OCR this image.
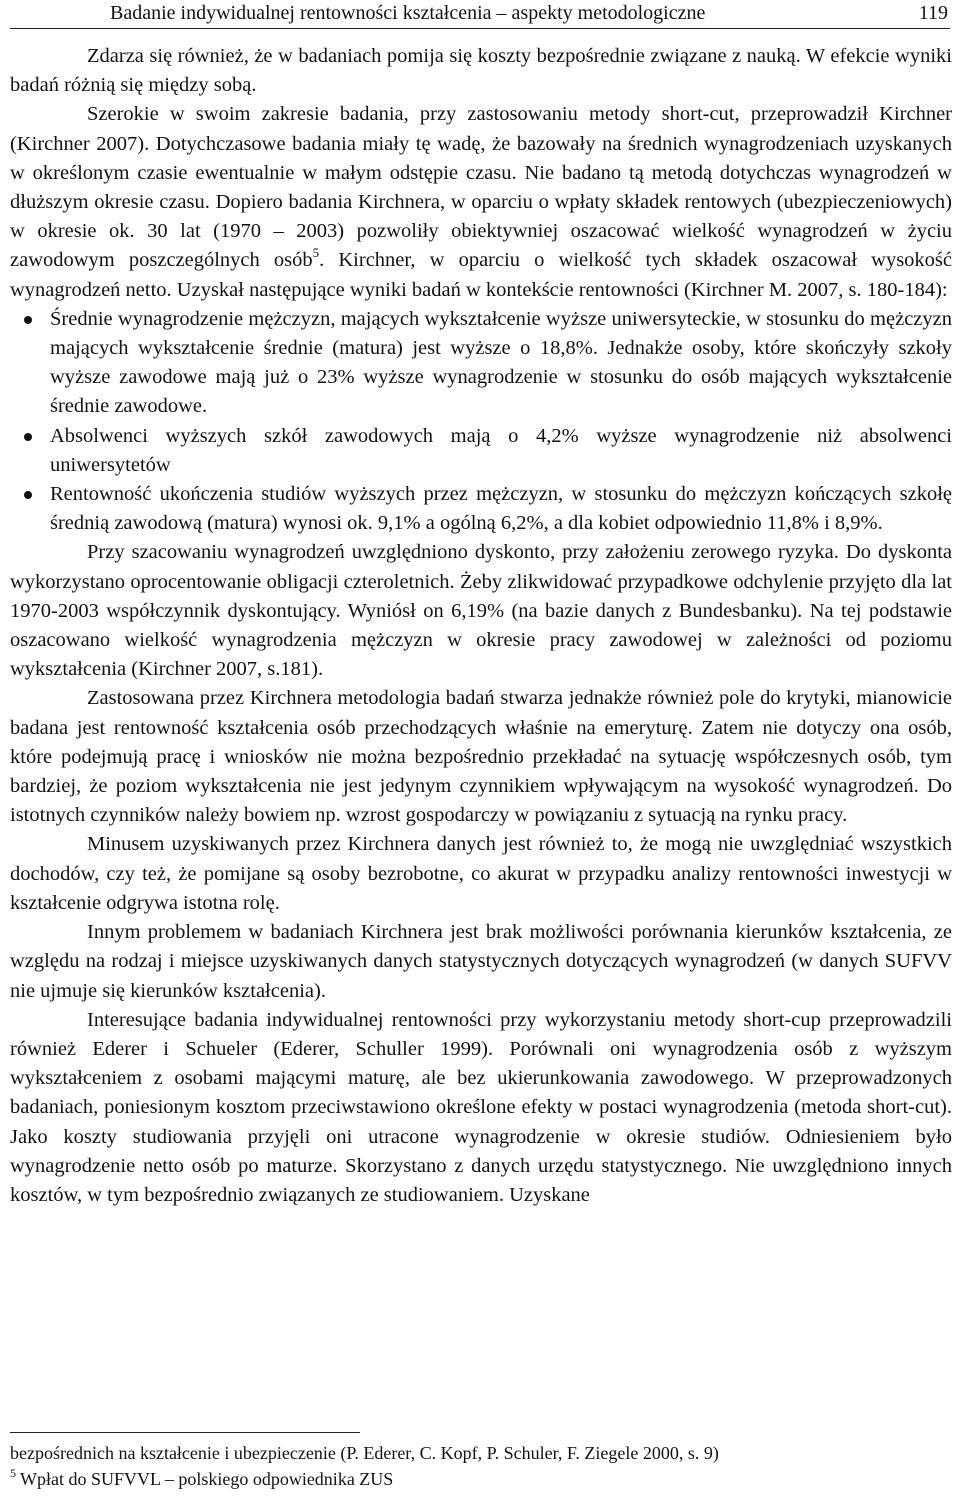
Badanie indywidualnej rentowności kształcenia – aspekty metodologiczne	119

Zdarza się również, że w badaniach pomija się koszty bezpośrednie związane z nauką. W efekcie wyniki badań różnią się między sobą.

Szerokie w swoim zakresie badania, przy zastosowaniu metody short-cut, przeprowadził Kirchner (Kirchner 2007). Dotychczasowe badania miały tę wadę, że bazowały na średnich wynagrodzeniach uzyskanych w określonym czasie ewentualnie w małym odstępie czasu. Nie badano tą metodą dotychczas wynagrodzeń w dłuższym okresie czasu. Dopiero badania Kirchnera, w oparciu o wpłaty składek rentowych (ubezpieczeniowych) w okresie ok. 30 lat (1970 – 2003) pozwoliły obiektywniej oszacować wielkość wynagrodzeń w życiu zawodowym poszczególnych osób$^5$. Kirchner, w oparciu o wielkość tych składek oszacował wysokość wynagrodzeń netto. Uzyskał następujące wyniki badań w kontekście rentowności (Kirchner M. 2007, s. 180-184):

Średnie wynagrodzenie mężczyzn, mających wykształcenie wyższe uniwersyteckie, w stosunku do mężczyzn mających wykształcenie średnie (matura) jest wyższe o 18,8%. Jednakże osoby, które skończyły szkoły wyższe zawodowe mają już o 23% wyższe wynagrodzenie w stosunku do osób mających wykształcenie średnie zawodowe.
Absolwenci wyższych szkół zawodowych mają o 4,2% wyższe wynagrodzenie niż absolwenci uniwersytetów
Rentowność ukończenia studiów wyższych przez mężczyzn, w stosunku do mężczyzn kończących szkołę średnią zawodową (matura) wynosi ok. 9,1% a ogólną 6,2%, a dla kobiet odpowiednio 11,8% i 8,9%.

Przy szacowaniu wynagrodzeń uwzględniono dyskonto, przy założeniu zerowego ryzyka. Do dyskonta wykorzystano oprocentowanie obligacji czteroletnich. Żeby zlikwidować przypadkowe odchylenie przyjęto dla lat 1970-2003 współczynnik dyskontujący. Wyniósł on 6,19% (na bazie danych z Bundesbanku). Na tej podstawie oszacowano wielkość wynagrodzenia mężczyzn w okresie pracy zawodowej w zależności od poziomu wykształcenia (Kirchner 2007, s.181).

Zastosowana przez Kirchnera metodologia badań stwarza jednakże również pole do krytyki, mianowicie badana jest rentowność kształcenia osób przechodzących właśnie na emeryturę. Zatem nie dotyczy ona osób, które podejmują pracę i wniosków nie można bezpośrednio przekładać na sytuację współczesnych osób, tym bardziej, że poziom wykształcenia nie jest jedynym czynnikiem wpływającym na wysokość wynagrodzeń. Do istotnych czynników należy bowiem np. wzrost gospodarczy w powiązaniu z sytuacją na rynku pracy.

Minusem uzyskiwanych przez Kirchnera danych jest również to, że mogą nie uwzględniać wszystkich dochodów, czy też, że pomijane są osoby bezrobotne, co akurat w przypadku analizy rentowności inwestycji w kształcenie odgrywa istotna rolę.

Innym problemem w badaniach Kirchnera jest brak możliwości porównania kierunków kształcenia, ze względu na rodzaj i miejsce uzyskiwanych danych statystycznych dotyczących wynagrodzeń (w danych SUFVV nie ujmuje się kierunków kształcenia).

Interesujące badania indywidualnej rentowności przy wykorzystaniu metody short-cup przeprowadzili również Ederer i Schueler (Ederer, Schuller 1999). Porównali oni wynagrodzenia osób z wyższym wykształceniem z osobami mającymi maturę, ale bez ukierunkowania zawodowego. W przeprowadzonych badaniach, poniesionym kosztom przeciwstawiono określone efekty w postaci wynagrodzenia (metoda short-cut). Jako koszty studiowania przyjęli oni utracone wynagrodzenie w okresie studiów. Odniesieniem było wynagrodzenie netto osób po maturze. Skorzystano z danych urzędu statystycznego. Nie uwzględniono innych kosztów, w tym bezpośrednio związanych ze studiowaniem. Uzyskane

bezpośrednich na kształcenie i ubezpieczenie (P. Ederer, C. Kopf, P. Schuler, F. Ziegele 2000, s. 9)

$^5$ Wpłat do SUFVVL – polskiego odpowiednika ZUS
